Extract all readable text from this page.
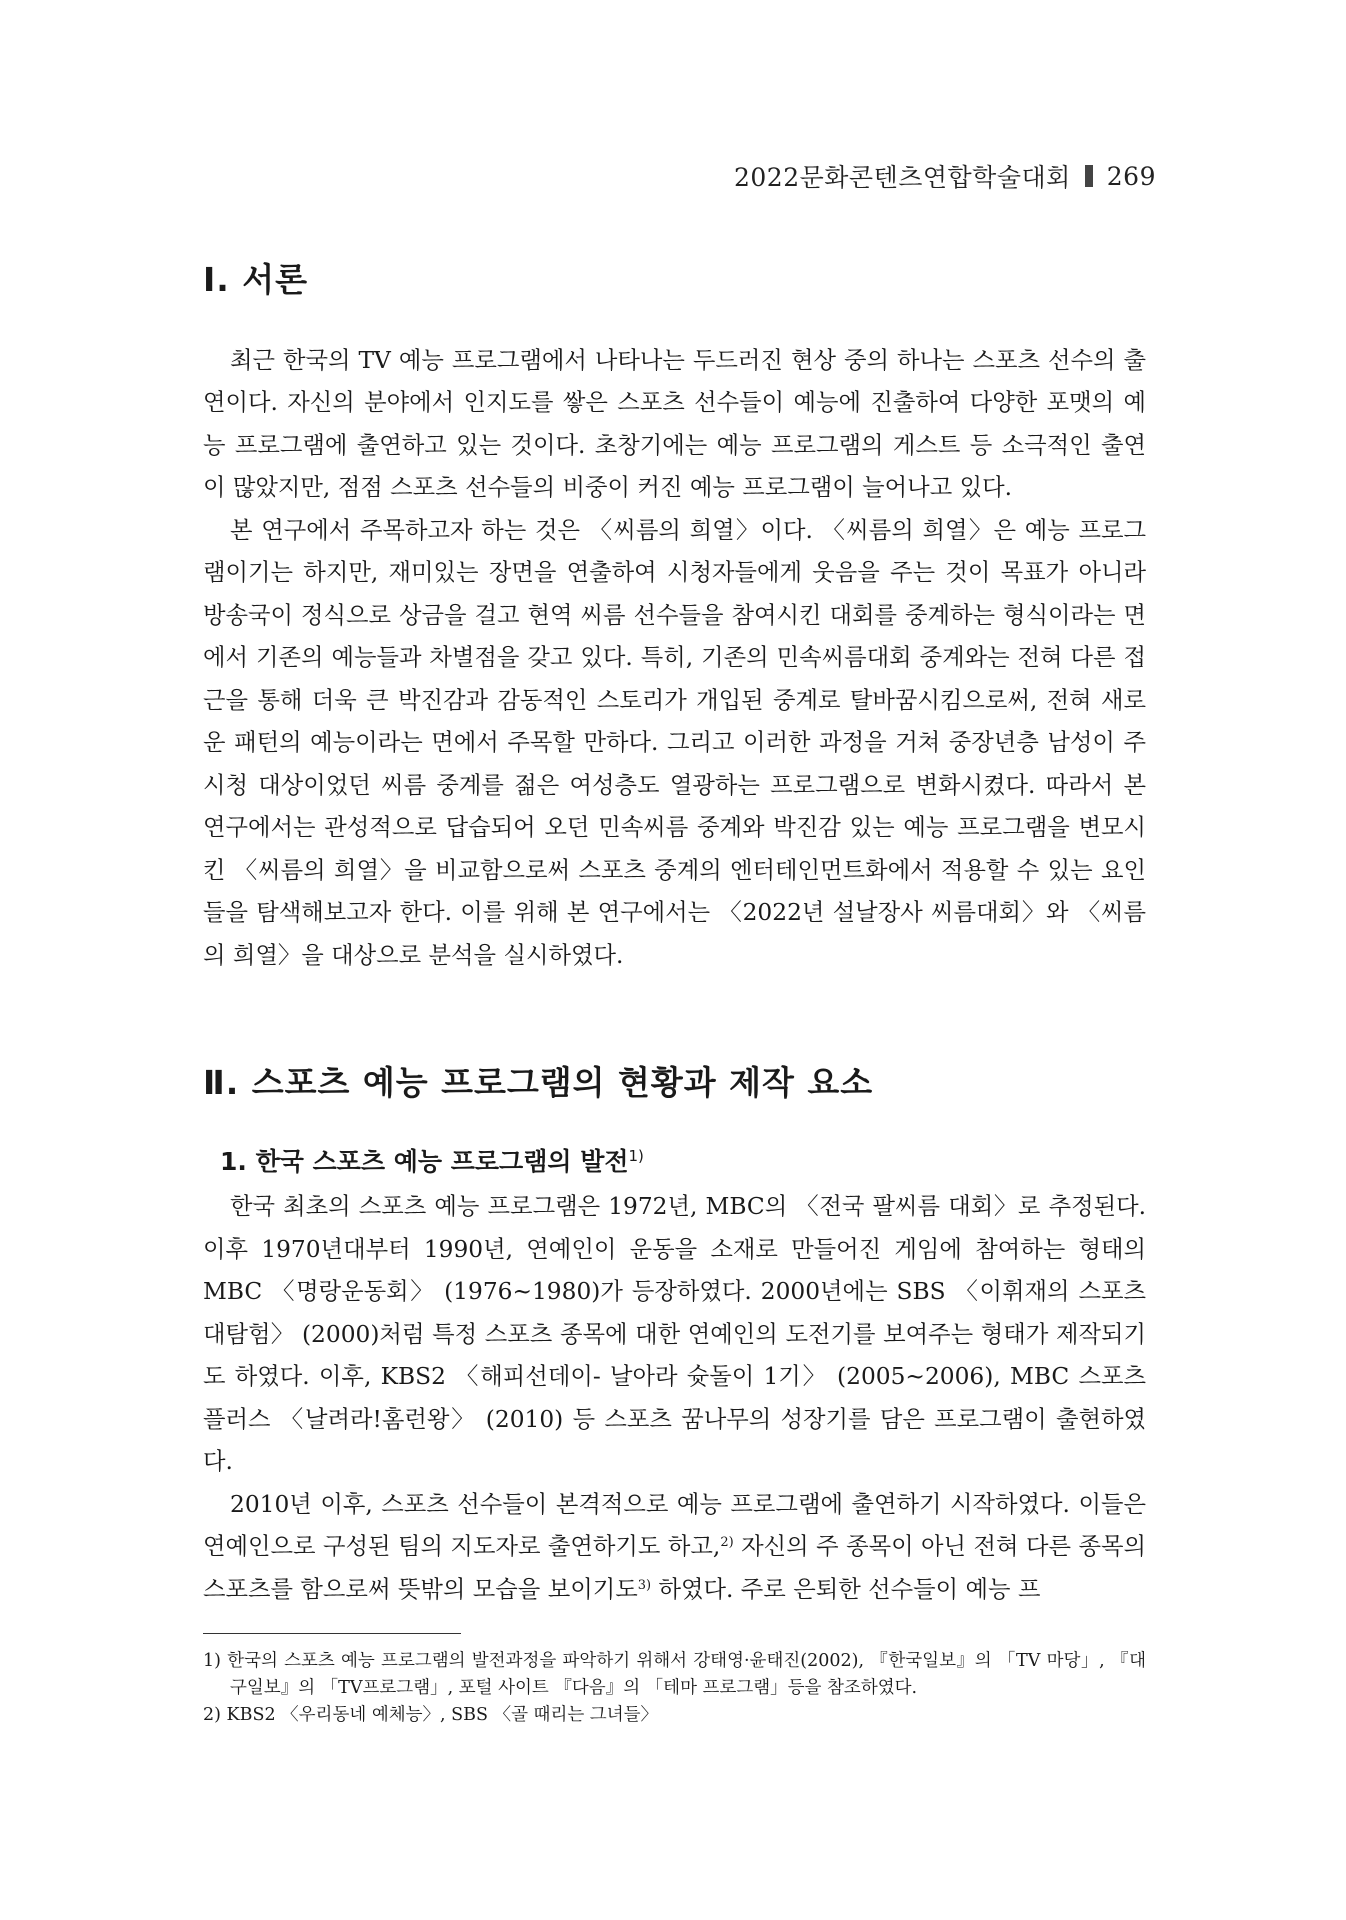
2022문화콘텐츠연합학술대회 269
Ⅰ. 서론

최근 한국의 TV 예능 프로그램에서 나타나는 두드러진 현상 중의 하나는 스포츠 선수의 출연이다. 자신의 분야에서 인지도를 쌓은 스포츠 선수들이 예능에 진출하여 다양한 포맷의 예능 프로그램에 출연하고 있는 것이다. 초창기에는 예능 프로그램의 게스트 등 소극적인 출연이 많았지만, 점점 스포츠 선수들의 비중이 커진 예능 프로그램이 늘어나고 있다.

본 연구에서 주목하고자 하는 것은 〈씨름의 희열〉이다. 〈씨름의 희열〉은 예능 프로그램이기는 하지만, 재미있는 장면을 연출하여 시청자들에게 웃음을 주는 것이 목표가 아니라 방송국이 정식으로 상금을 걸고 현역 씨름 선수들을 참여시킨 대회를 중계하는 형식이라는 면에서 기존의 예능들과 차별점을 갖고 있다. 특히, 기존의 민속씨름대회 중계와는 전혀 다른 접근을 통해 더욱 큰 박진감과 감동적인 스토리가 개입된 중계로 탈바꿈시킴으로써, 전혀 새로운 패턴의 예능이라는 면에서 주목할 만하다. 그리고 이러한 과정을 거쳐 중장년층 남성이 주 시청 대상이었던 씨름 중계를 젊은 여성층도 열광하는 프로그램으로 변화시켰다. 따라서 본 연구에서는 관성적으로 답습되어 오던 민속씨름 중계와 박진감 있는 예능 프로그램을 변모시킨 〈씨름의 희열〉을 비교함으로써 스포츠 중계의 엔터테인먼트화에서 적용할 수 있는 요인들을 탐색해보고자 한다. 이를 위해 본 연구에서는 〈2022년 설날장사 씨름대회〉와 〈씨름의 희열〉을 대상으로 분석을 실시하였다.

Ⅱ. 스포츠 예능 프로그램의 현황과 제작 요소
1. 한국 스포츠 예능 프로그램의 발전$^{1)}$

한국 최초의 스포츠 예능 프로그램은 1972년, MBC의 〈전국 팔씨름 대회〉로 추정된다. 이후 1970년대부터 1990년, 연예인이 운동을 소재로 만들어진 게임에 참여하는 형태의 MBC 〈명랑운동회〉 (1976~1980)가 등장하였다. 2000년에는 SBS 〈이휘재의 스포츠 대탐험〉 (2000)처럼 특정 스포츠 종목에 대한 연예인의 도전기를 보여주는 형태가 제작되기도 하였다. 이후, KBS2 〈해피선데이- 날아라 슛돌이 1기〉 (2005~2006), MBC 스포츠 플러스 〈날려라!홈런왕〉 (2010) 등 스포츠 꿈나무의 성장기를 담은 프로그램이 출현하였다.

2010년 이후, 스포츠 선수들이 본격적으로 예능 프로그램에 출연하기 시작하였다. 이들은 연예인으로 구성된 팀의 지도자로 출연하기도 하고,$^{2)}$ 자신의 주 종목이 아닌 전혀 다른 종목의 스포츠를 함으로써 뜻밖의 모습을 보이기도$^{3)}$ 하였다. 주로 은퇴한 선수들이 예능 프

1) 한국의 스포츠 예능 프로그램의 발전과정을 파악하기 위해서 강태영·윤태진(2002), 『한국일보』의 「TV 마당」, 『대구일보』의 「TV프로그램」, 포털 사이트 『다음』의 「테마 프로그램」등을 참조하였다.

2) KBS2 〈우리동네 예체능〉, SBS 〈골 때리는 그녀들〉
